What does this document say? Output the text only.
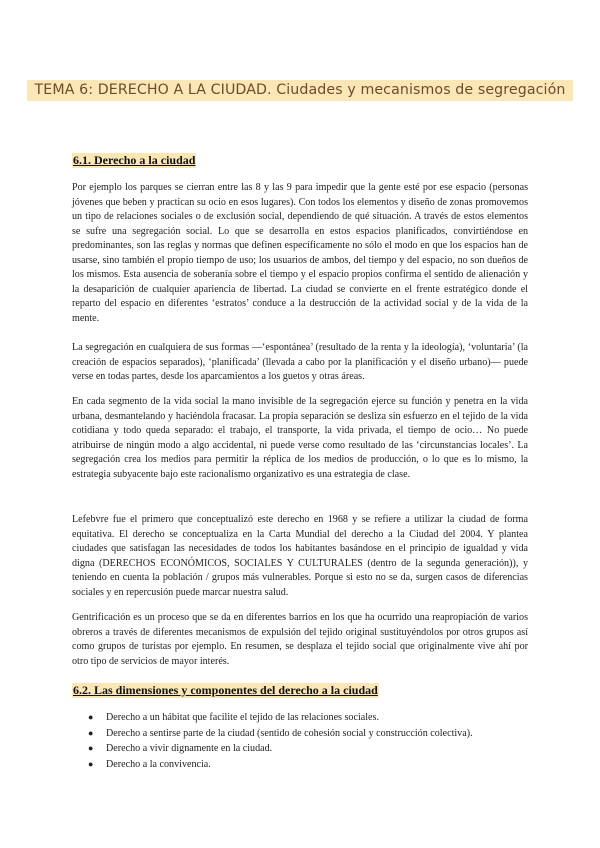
TEMA 6: DERECHO A LA CIUDAD. Ciudades y mecanismos de segregación
6.1. Derecho a la ciudad

Por ejemplo los parques se cierran entre las 8 y las 9 para impedir que la gente esté por ese espacio (personas jóvenes que beben y practican su ocio en esos lugares). Con todos los elementos y diseño de zonas promovemos un tipo de relaciones sociales o de exclusión social, dependiendo de qué situación. A través de estos elementos se sufre una segregación social. Lo que se desarrolla en estos espacios planificados, convirtiéndose en predominantes, son las reglas y normas que definen específicamente no sólo el modo en que los espacios han de usarse, sino también el propio tiempo de uso; los usuarios de ambos, del tiempo y del espacio, no son dueños de los mismos. Esta ausencia de soberanía sobre el tiempo y el espacio propios confirma el sentido de alienación y la desaparición de cualquier apariencia de libertad. La ciudad se convierte en el frente estratégico donde el reparto del espacio en diferentes ‘estratos’ conduce a la destrucción de la actividad social y de la vida de la mente.

La segregación en cualquiera de sus formas —‘espontánea’ (resultado de la renta y la ideología), ‘voluntaria’ (la creación de espacios separados), ‘planificada’ (llevada a cabo por la planificación y el diseño urbano)— puede verse en todas partes, desde los aparcamientos a los guetos y otras áreas.

En cada segmento de la vida social la mano invisible de la segregación ejerce su función y penetra en la vida urbana, desmantelando y haciéndola fracasar. La propia separación se desliza sin esfuerzo en el tejido de la vida cotidiana y todo queda separado: el trabajo, el transporte, la vida privada, el tiempo de ocio… No puede atribuirse de ningún modo a algo accidental, ni puede verse como resultado de las ‘circunstancias locales’. La segregación crea los medios para permitir la réplica de los medios de producción, o lo que es lo mismo, la estrategia subyacente bajo este racionalismo organizativo es una estrategia de clase.

Lefebvre fue el primero que conceptualizó este derecho en 1968 y se refiere a utilizar la ciudad de forma equitativa. El derecho se conceptualiza en la Carta Mundial del derecho a la Ciudad del 2004. Y plantea ciudades que satisfagan las necesidades de todos los habitantes basándose en el principio de igualdad y vida digna (DERECHOS ECONÓMICOS, SOCIALES Y CULTURALES (dentro de la segunda generación)), y teniendo en cuenta la población / grupos más vulnerables. Porque si esto no se da, surgen casos de diferencias sociales y en repercusión puede marcar nuestra salud.

Gentrificación es un proceso que se da en diferentes barrios en los que ha ocurrido una reapropiación de varios obreros a través de diferentes mecanismos de expulsión del tejido original sustituyéndolos por otros grupos así como grupos de turistas por ejemplo. En resumen, se desplaza el tejido social que originalmente vive ahí por otro tipo de servicios de mayor interés.

6.2. Las dimensiones y componentes del derecho a la ciudad
● Derecho a un hábitat que facilite el tejido de las relaciones sociales.
● Derecho a sentirse parte de la ciudad (sentido de cohesión social y construcción colectiva).
● Derecho a vivir dignamente en la ciudad.
● Derecho a la convivencia.
